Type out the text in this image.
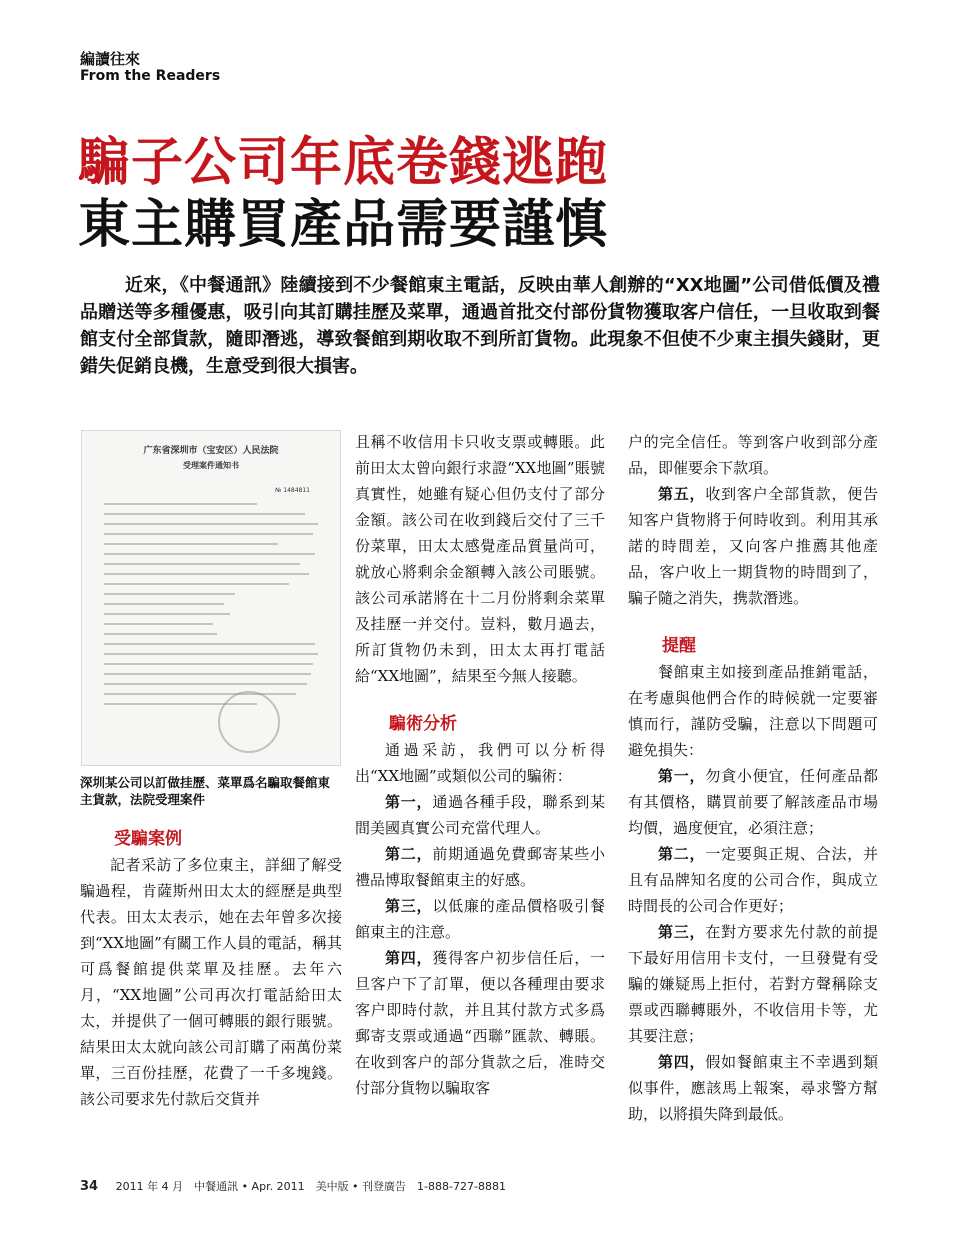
編讀往來
From the Readers
騙子公司年底卷錢逃跑
東主購買產品需要謹慎

近來，《中餐通訊》陸續接到不少餐館東主電話，反映由華人創辦的“XX地圖”公司借低價及禮品贈送等多種優惠，吸引向其訂購挂歷及菜單，通過首批交付部份貨物獲取客户信任，一旦收取到餐館支付全部貨款，隨即潛逃，導致餐館到期收取不到所訂貨物。此現象不但使不少東主損失錢財，更錯失促銷良機，生意受到很大損害。

广东省深圳市（宝安区）人民法院
受理案件通知书
№ 1484811
深圳某公司以訂做挂歷、菜單爲名騙取餐館東主貨款，法院受理案件

受騙案例

記者采訪了多位東主，詳細了解受騙過程，肯薩斯州田太太的經歷是典型代表。田太太表示，她在去年曾多次接到“XX地圖”有關工作人員的電話，稱其可爲餐館提供菜單及挂歷。去年六月，“XX地圖”公司再次打電話給田太太，并提供了一個可轉賬的銀行賬號。結果田太太就向該公司訂購了兩萬份菜單，三百份挂歷，花費了一千多塊錢。該公司要求先付款后交貨并

且稱不收信用卡只收支票或轉賬。此前田太太曾向銀行求證“XX地圖”賬號真實性，她雖有疑心但仍支付了部分金額。該公司在收到錢后交付了三千份菜單，田太太感覺產品質量尚可，就放心將剩余金額轉入該公司賬號。該公司承諾將在十二月份將剩余菜單及挂歷一并交付。豈料，數月過去，所訂貨物仍未到，田太太再打電話給“XX地圖”，結果至今無人接聽。

騙術分析

通過采訪，我們可以分析得出“XX地圖”或類似公司的騙術：

第一，通過各種手段，聯系到某間美國真實公司充當代理人。

第二，前期通過免費郵寄某些小禮品博取餐館東主的好感。

第三，以低廉的產品價格吸引餐館東主的注意。

第四，獲得客户初步信任后，一旦客户下了訂單，便以各種理由要求客户即時付款，并且其付款方式多爲郵寄支票或通過“西聯”匯款、轉賬。在收到客户的部分貨款之后，准時交付部分貨物以騙取客

户的完全信任。等到客户收到部分產品，即催要余下款項。

第五，收到客户全部貨款，便告知客户貨物將于何時收到。利用其承諾的時間差，又向客户推薦其他產品，客户收上一期貨物的時間到了，騙子隨之消失，携款潛逃。

提醒

餐館東主如接到產品推銷電話，在考慮與他們合作的時候就一定要審慎而行，謹防受騙，注意以下問題可避免損失：

第一，勿貪小便宜，任何產品都有其價格，購買前要了解該產品市場均價，過度便宜，必須注意；

第二，一定要與正規、合法，并且有品牌知名度的公司合作，與成立時間長的公司合作更好；

第三，在對方要求先付款的前提下最好用信用卡支付，一旦發覺有受騙的嫌疑馬上拒付，若對方聲稱除支票或西聯轉賬外，不收信用卡等，尤其要注意；

第四，假如餐館東主不幸遇到類似事件，應該馬上報案，尋求警方幫助，以將損失降到最低。

34 2011 年 4 月　中餐通訊 • Apr. 2011　美中版 • 刊登廣告　1-888-727-8881
